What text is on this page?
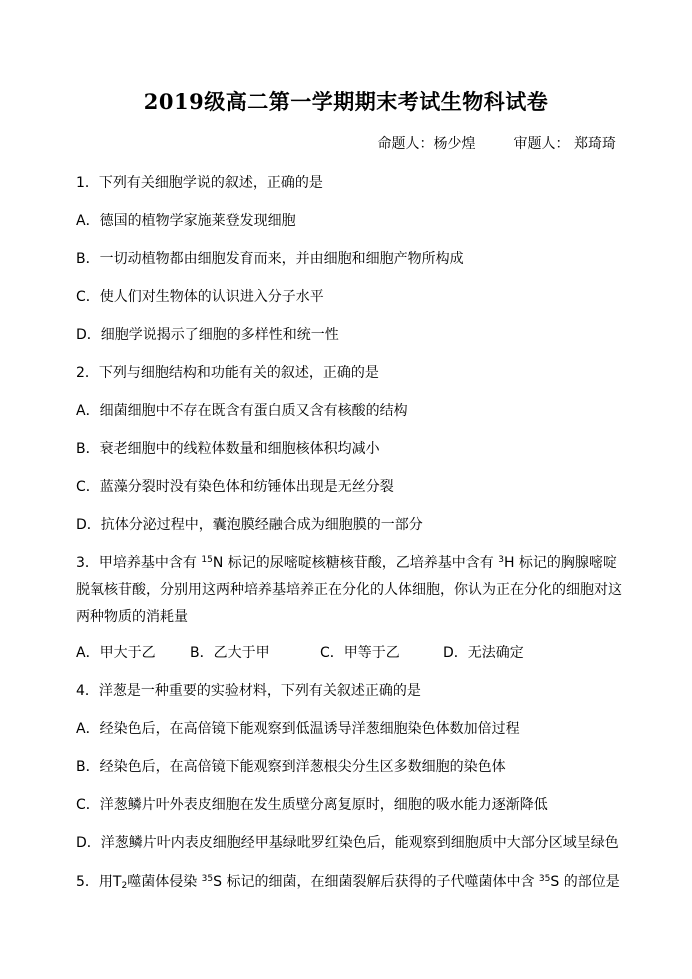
2019级高二第一学期期末考试生物科试卷
命题人：杨少煌	审题人： 郑琦琦
1．下列有关细胞学说的叙述，正确的是
A．德国的植物学家施莱登发现细胞
B．一切动植物都由细胞发育而来，并由细胞和细胞产物所构成
C．使人们对生物体的认识进入分子水平
D．细胞学说揭示了细胞的多样性和统一性
2．下列与细胞结构和功能有关的叙述，正确的是
A．细菌细胞中不存在既含有蛋白质又含有核酸的结构
B．衰老细胞中的线粒体数量和细胞核体积均减小
C．蓝藻分裂时没有染色体和纺锤体出现是无丝分裂
D．抗体分泌过程中，囊泡膜经融合成为细胞膜的一部分
3．甲培养基中含有 $^{15}$N 标记的尿嘧啶核糖核苷酸，乙培养基中含有 $^3$H 标记的胸腺嘧啶脱氧核苷酸，分别用这两种培养基培养正在分化的人体细胞，你认为正在分化的细胞对这两种物质的消耗量
A．甲大于乙	B．乙大于甲	C．甲等于乙	D．无法确定
4．洋葱是一种重要的实验材料，下列有关叙述正确的是
A．经染色后，在高倍镜下能观察到低温诱导洋葱细胞染色体数加倍过程
B．经染色后，在高倍镜下能观察到洋葱根尖分生区多数细胞的染色体
C．洋葱鳞片叶外表皮细胞在发生质壁分离复原时，细胞的吸水能力逐渐降低
D．洋葱鳞片叶内表皮细胞经甲基绿吡罗红染色后，能观察到细胞质中大部分区域呈绿色
5．用$T_2$噬菌体侵染 $^{35}$S 标记的细菌，在细菌裂解后获得的子代噬菌体中含 $^{35}$S 的部位是
